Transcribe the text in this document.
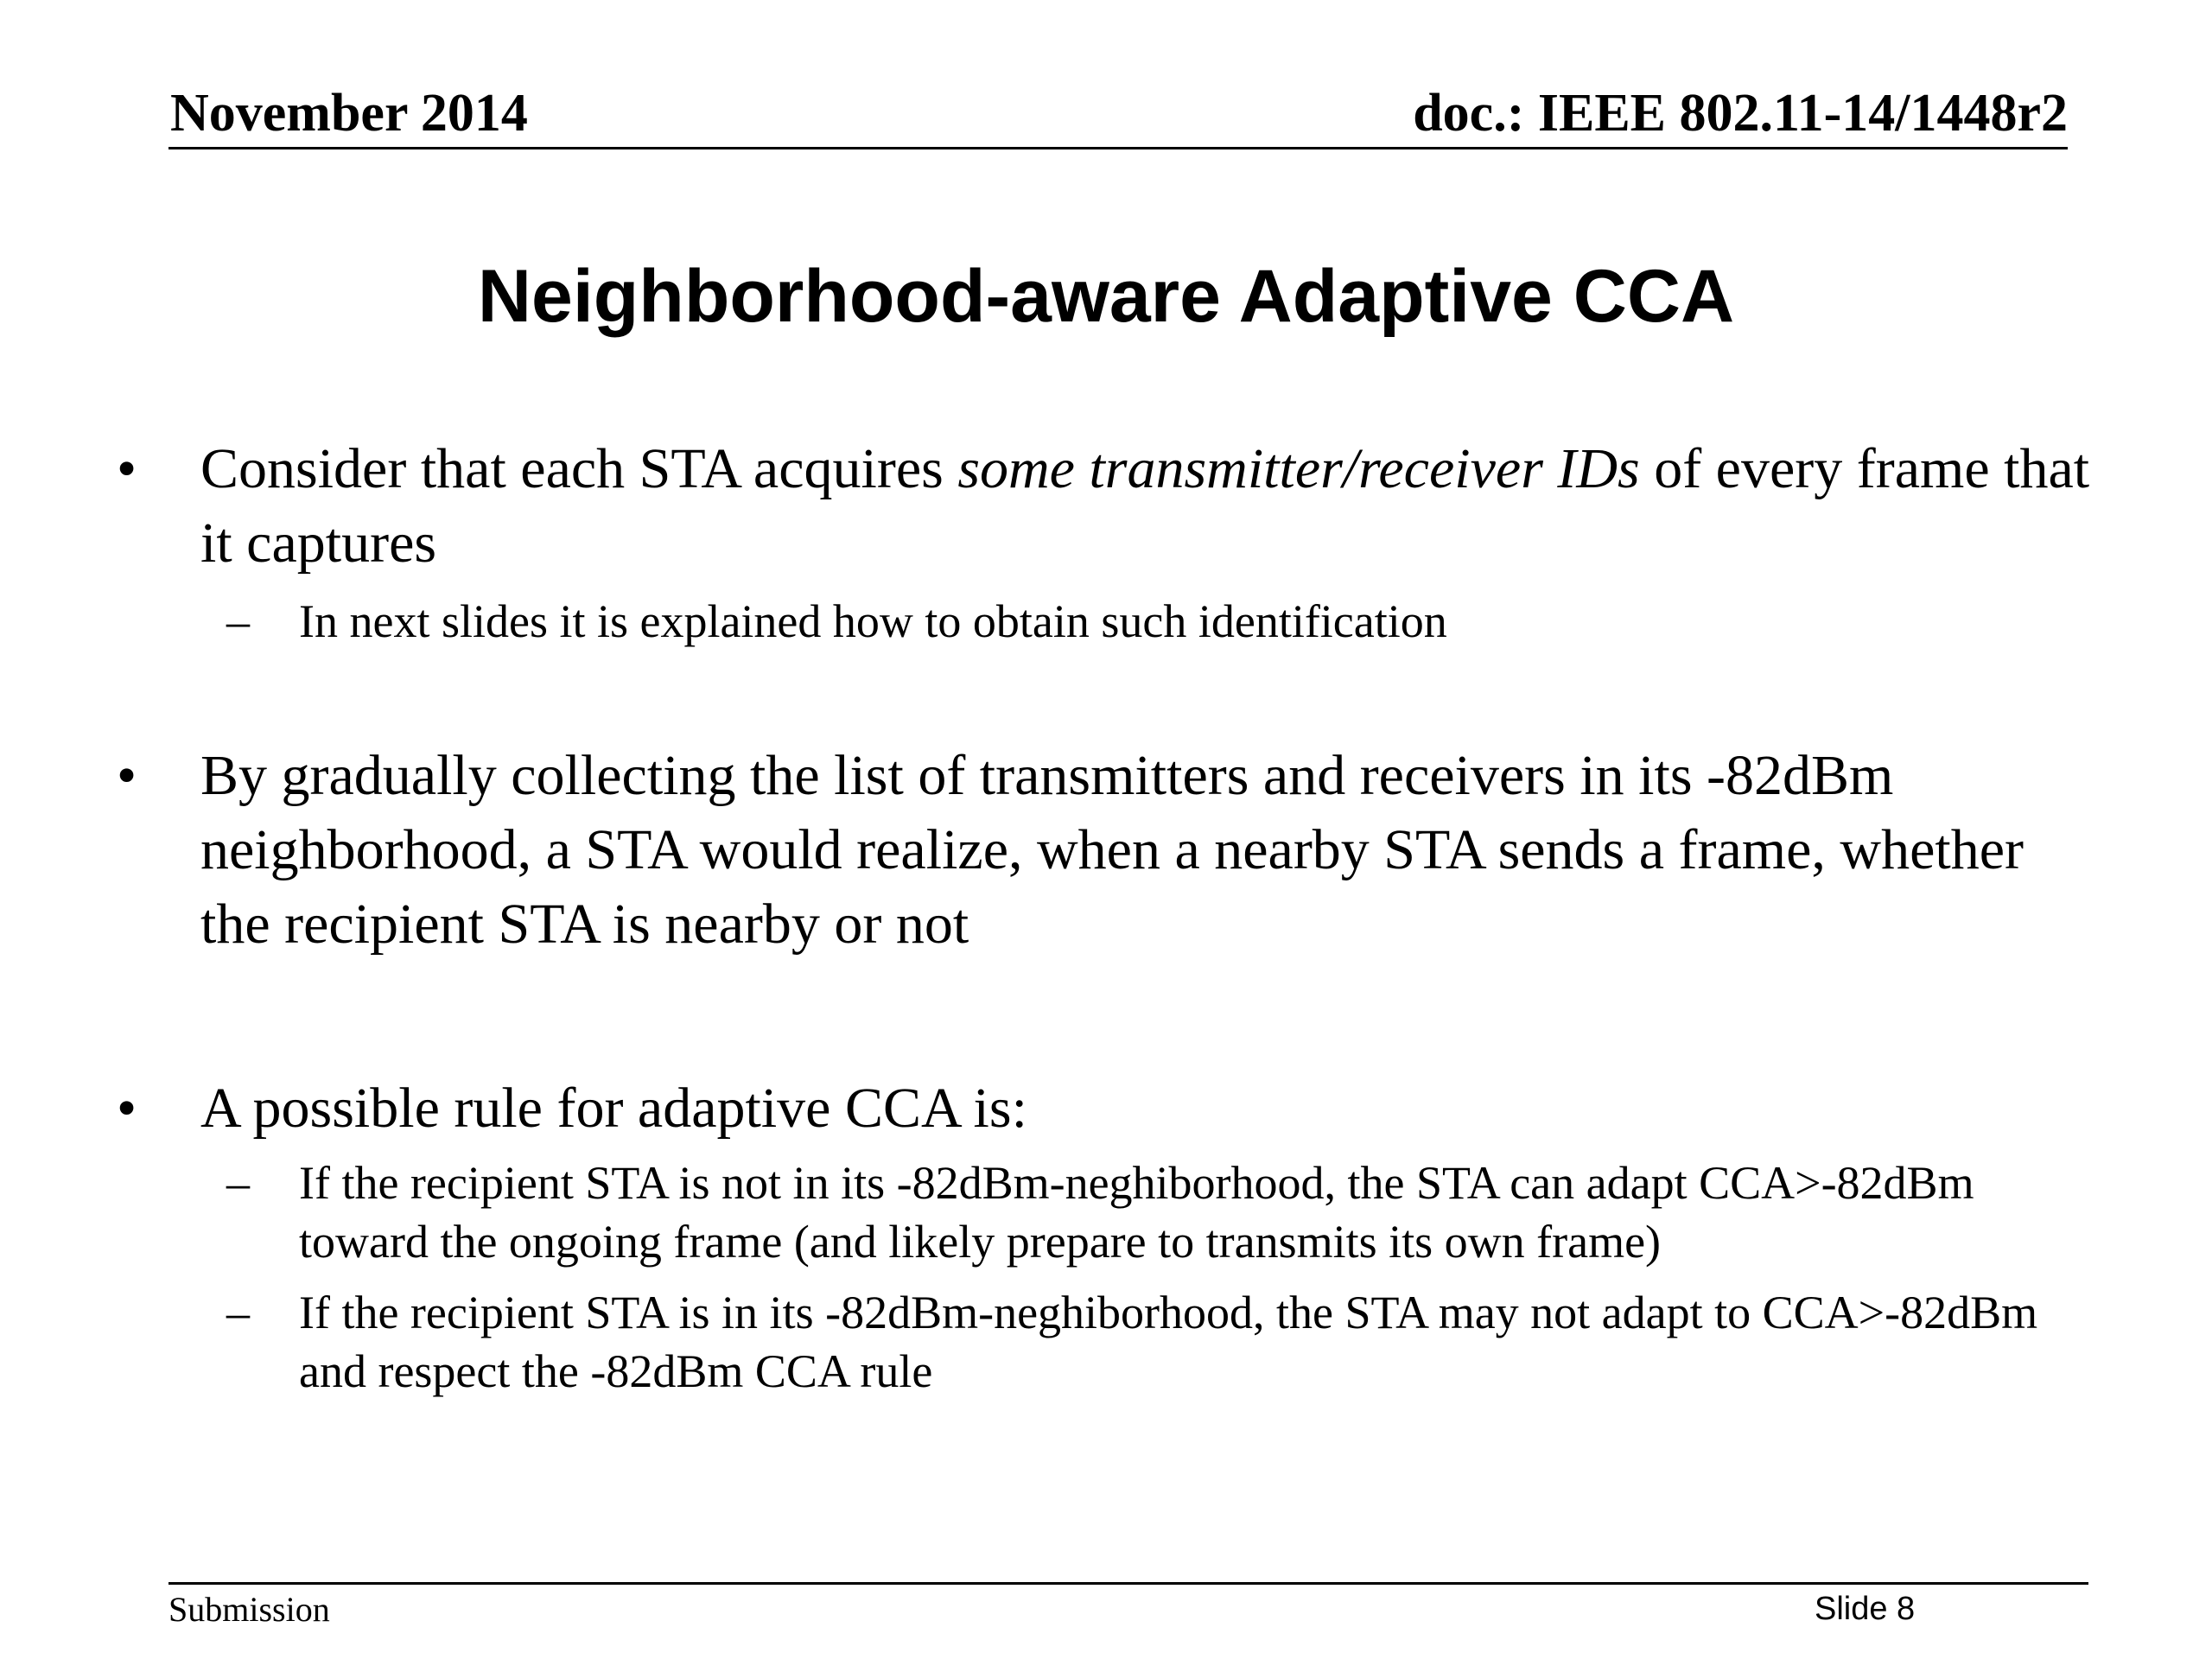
November 2014	doc.: IEEE 802.11-14/1448r2
Neighborhood-aware Adaptive CCA
• Consider that each STA acquires some transmitter/receiver IDs of every frame that it captures
– In next slides it is explained how to obtain such identification
• By gradually collecting the list of transmitters and receivers in its -82dBm neighborhood, a STA would realize, when a nearby STA sends a frame, whether the recipient STA is nearby or not
• A possible rule for adaptive CCA is:
– If the recipient STA is not in its -82dBm-neghiborhood, the STA can adapt CCA>-82dBm toward the ongoing frame (and likely prepare to transmits its own frame)
– If the recipient STA is in its -82dBm-neghiborhood, the STA may not adapt to CCA>-82dBm and respect the -82dBm CCA rule
Submission	Slide 8
